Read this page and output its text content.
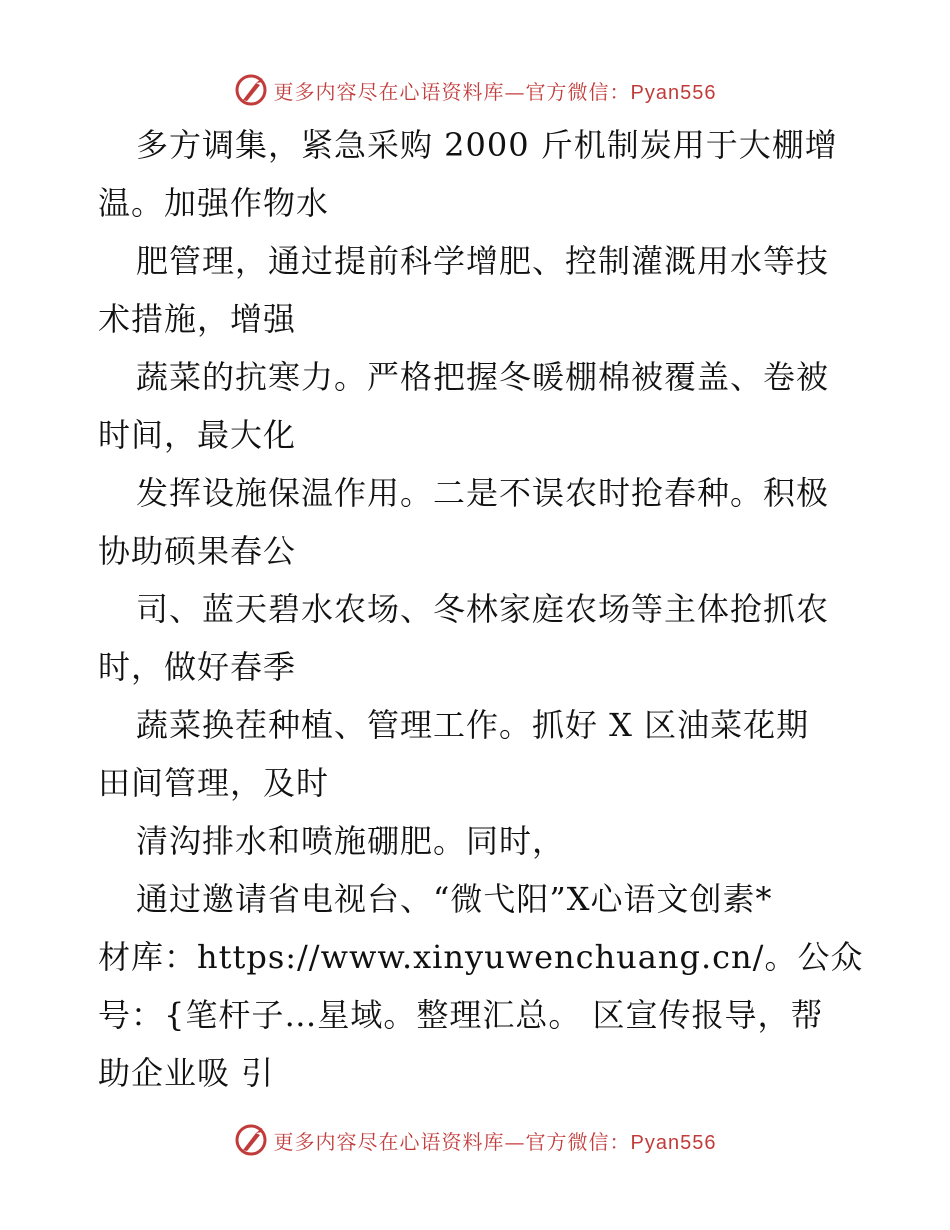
更多内容尽在心语资料库—官方微信：Pyan556
多方调集，紧急采购 2000 斤机制炭用于大棚增
温。加强作物水
肥管理，通过提前科学增肥、控制灌溉用水等技
术措施，增强
蔬菜的抗寒力。严格把握冬暖棚棉被覆盖、卷被
时间，最大化
发挥设施保温作用。二是不误农时抢春种。积极
协助硕果春公
司、蓝天碧水农场、冬林家庭农场等主体抢抓农
时，做好春季
蔬菜换茬种植、管理工作。抓好 X 区油菜花期
田间管理，及时
清沟排水和喷施硼肥。同时，
通过邀请省电视台、“微弋阳”X心语文创素*
材库：https://www.xinyuwenchuang.cn/。公众
号：{笔杆子…星域。整理汇总。 区宣传报导，帮
助企业吸 引
更多内容尽在心语资料库—官方微信：Pyan556
